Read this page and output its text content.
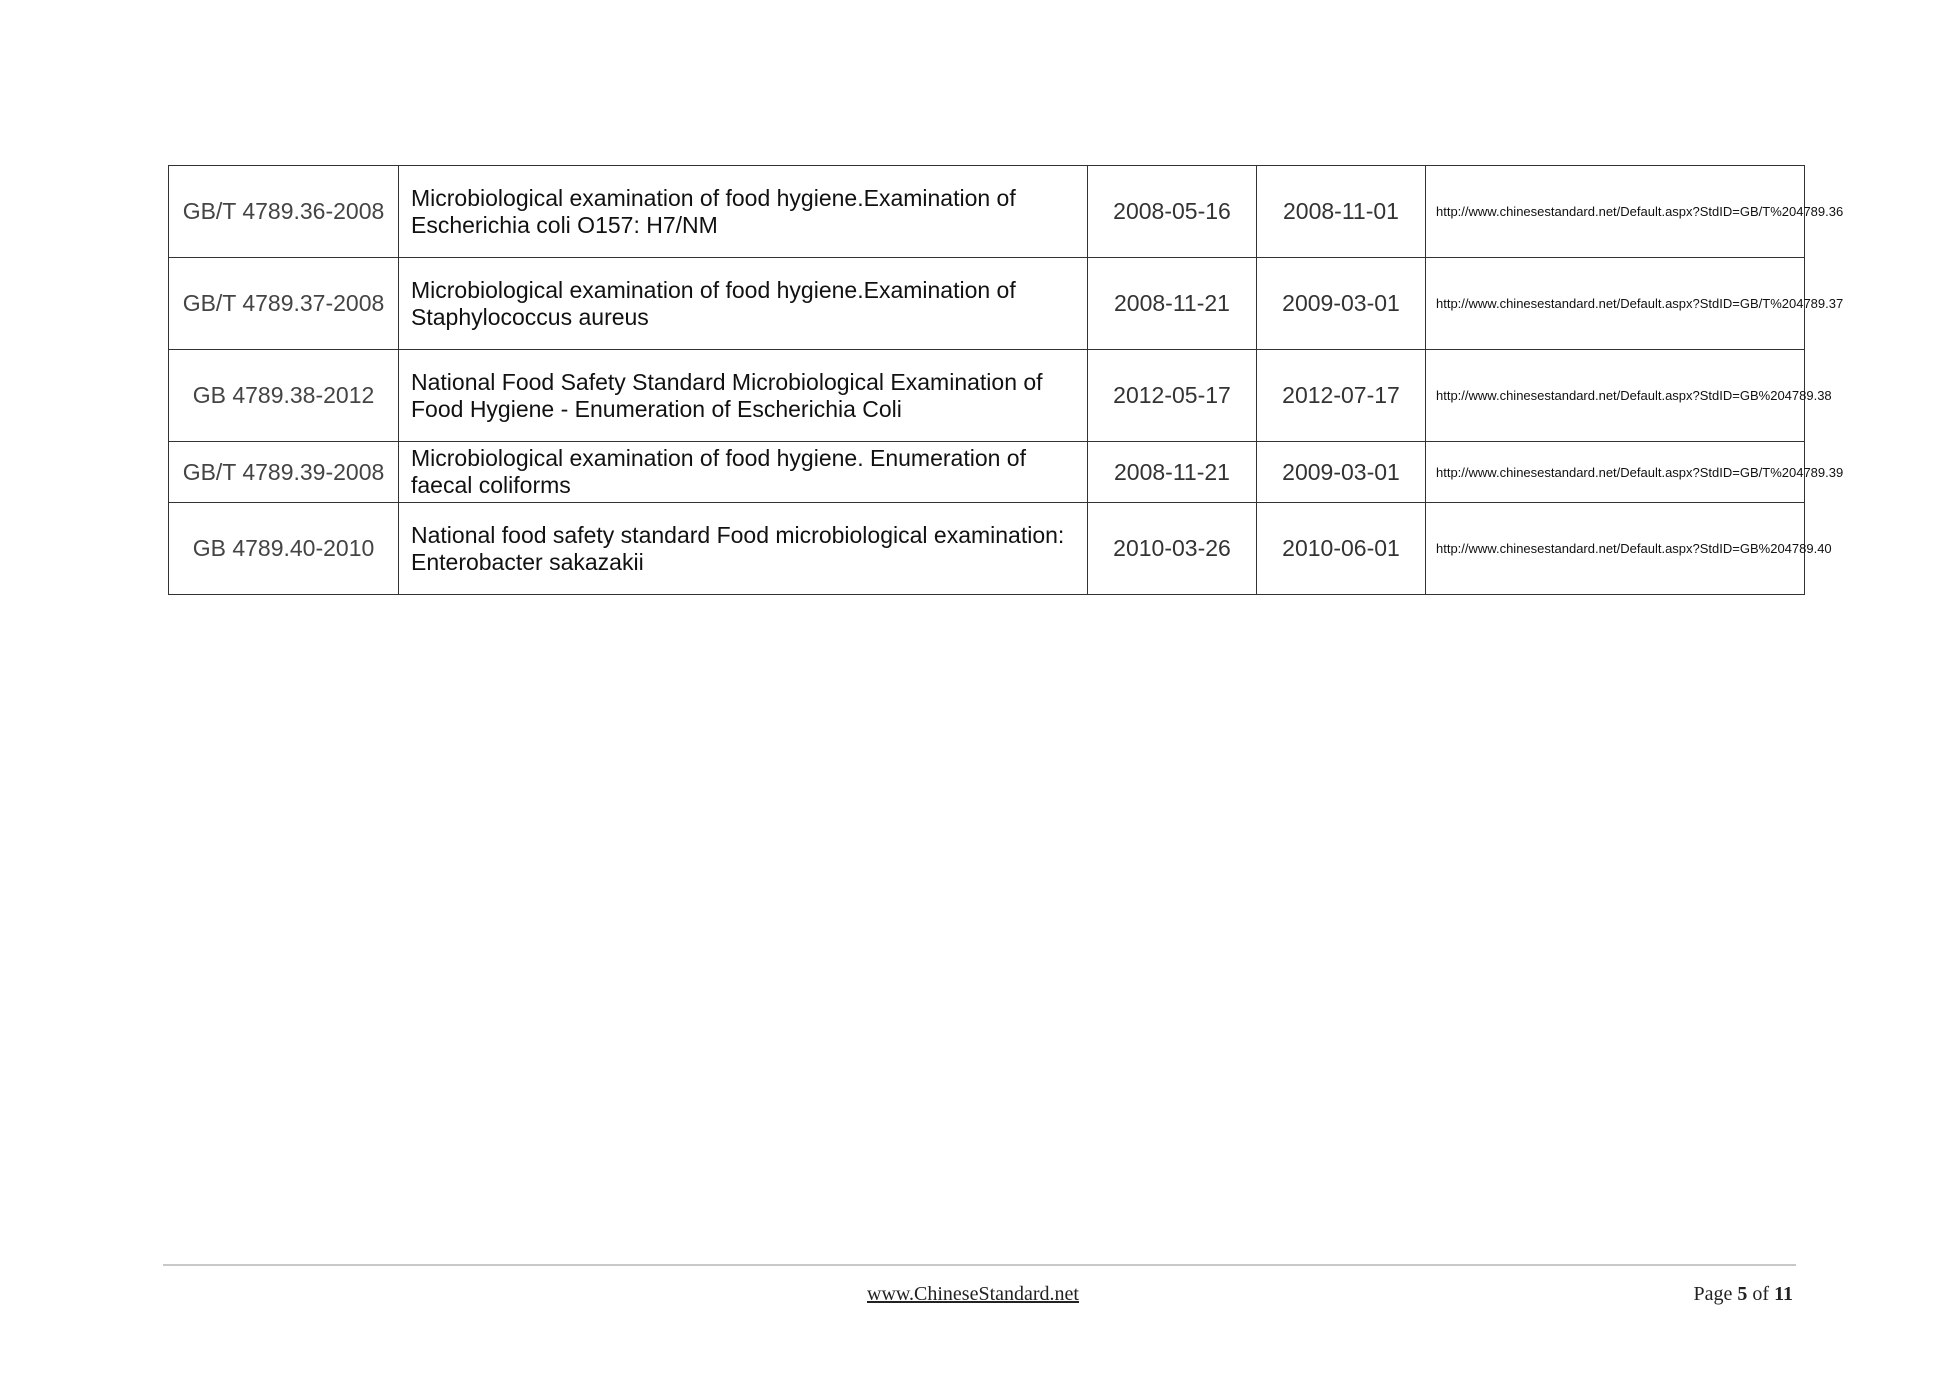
GB/T 4789.36-2008	Microbiological examination of food hygiene.Examination of Escherichia coli O157: H7/NM	2008-05-16	2008-11-01	http://www.chinesestandard.net/Default.aspx?StdID=GB/T%204789.36
GB/T 4789.37-2008	Microbiological examination of food hygiene.Examination of Staphylococcus aureus	2008-11-21	2009-03-01	http://www.chinesestandard.net/Default.aspx?StdID=GB/T%204789.37
GB 4789.38-2012	National Food Safety Standard Microbiological Examination of Food Hygiene - Enumeration of Escherichia Coli	2012-05-17	2012-07-17	http://www.chinesestandard.net/Default.aspx?StdID=GB%204789.38
GB/T 4789.39-2008	Microbiological examination of food hygiene. Enumeration of faecal coliforms	2008-11-21	2009-03-01	http://www.chinesestandard.net/Default.aspx?StdID=GB/T%204789.39
GB 4789.40-2010	National food safety standard Food microbiological examination: Enterobacter sakazakii	2010-03-26	2010-06-01	http://www.chinesestandard.net/Default.aspx?StdID=GB%204789.40
www.ChineseStandard.net	Page 5 of 11
